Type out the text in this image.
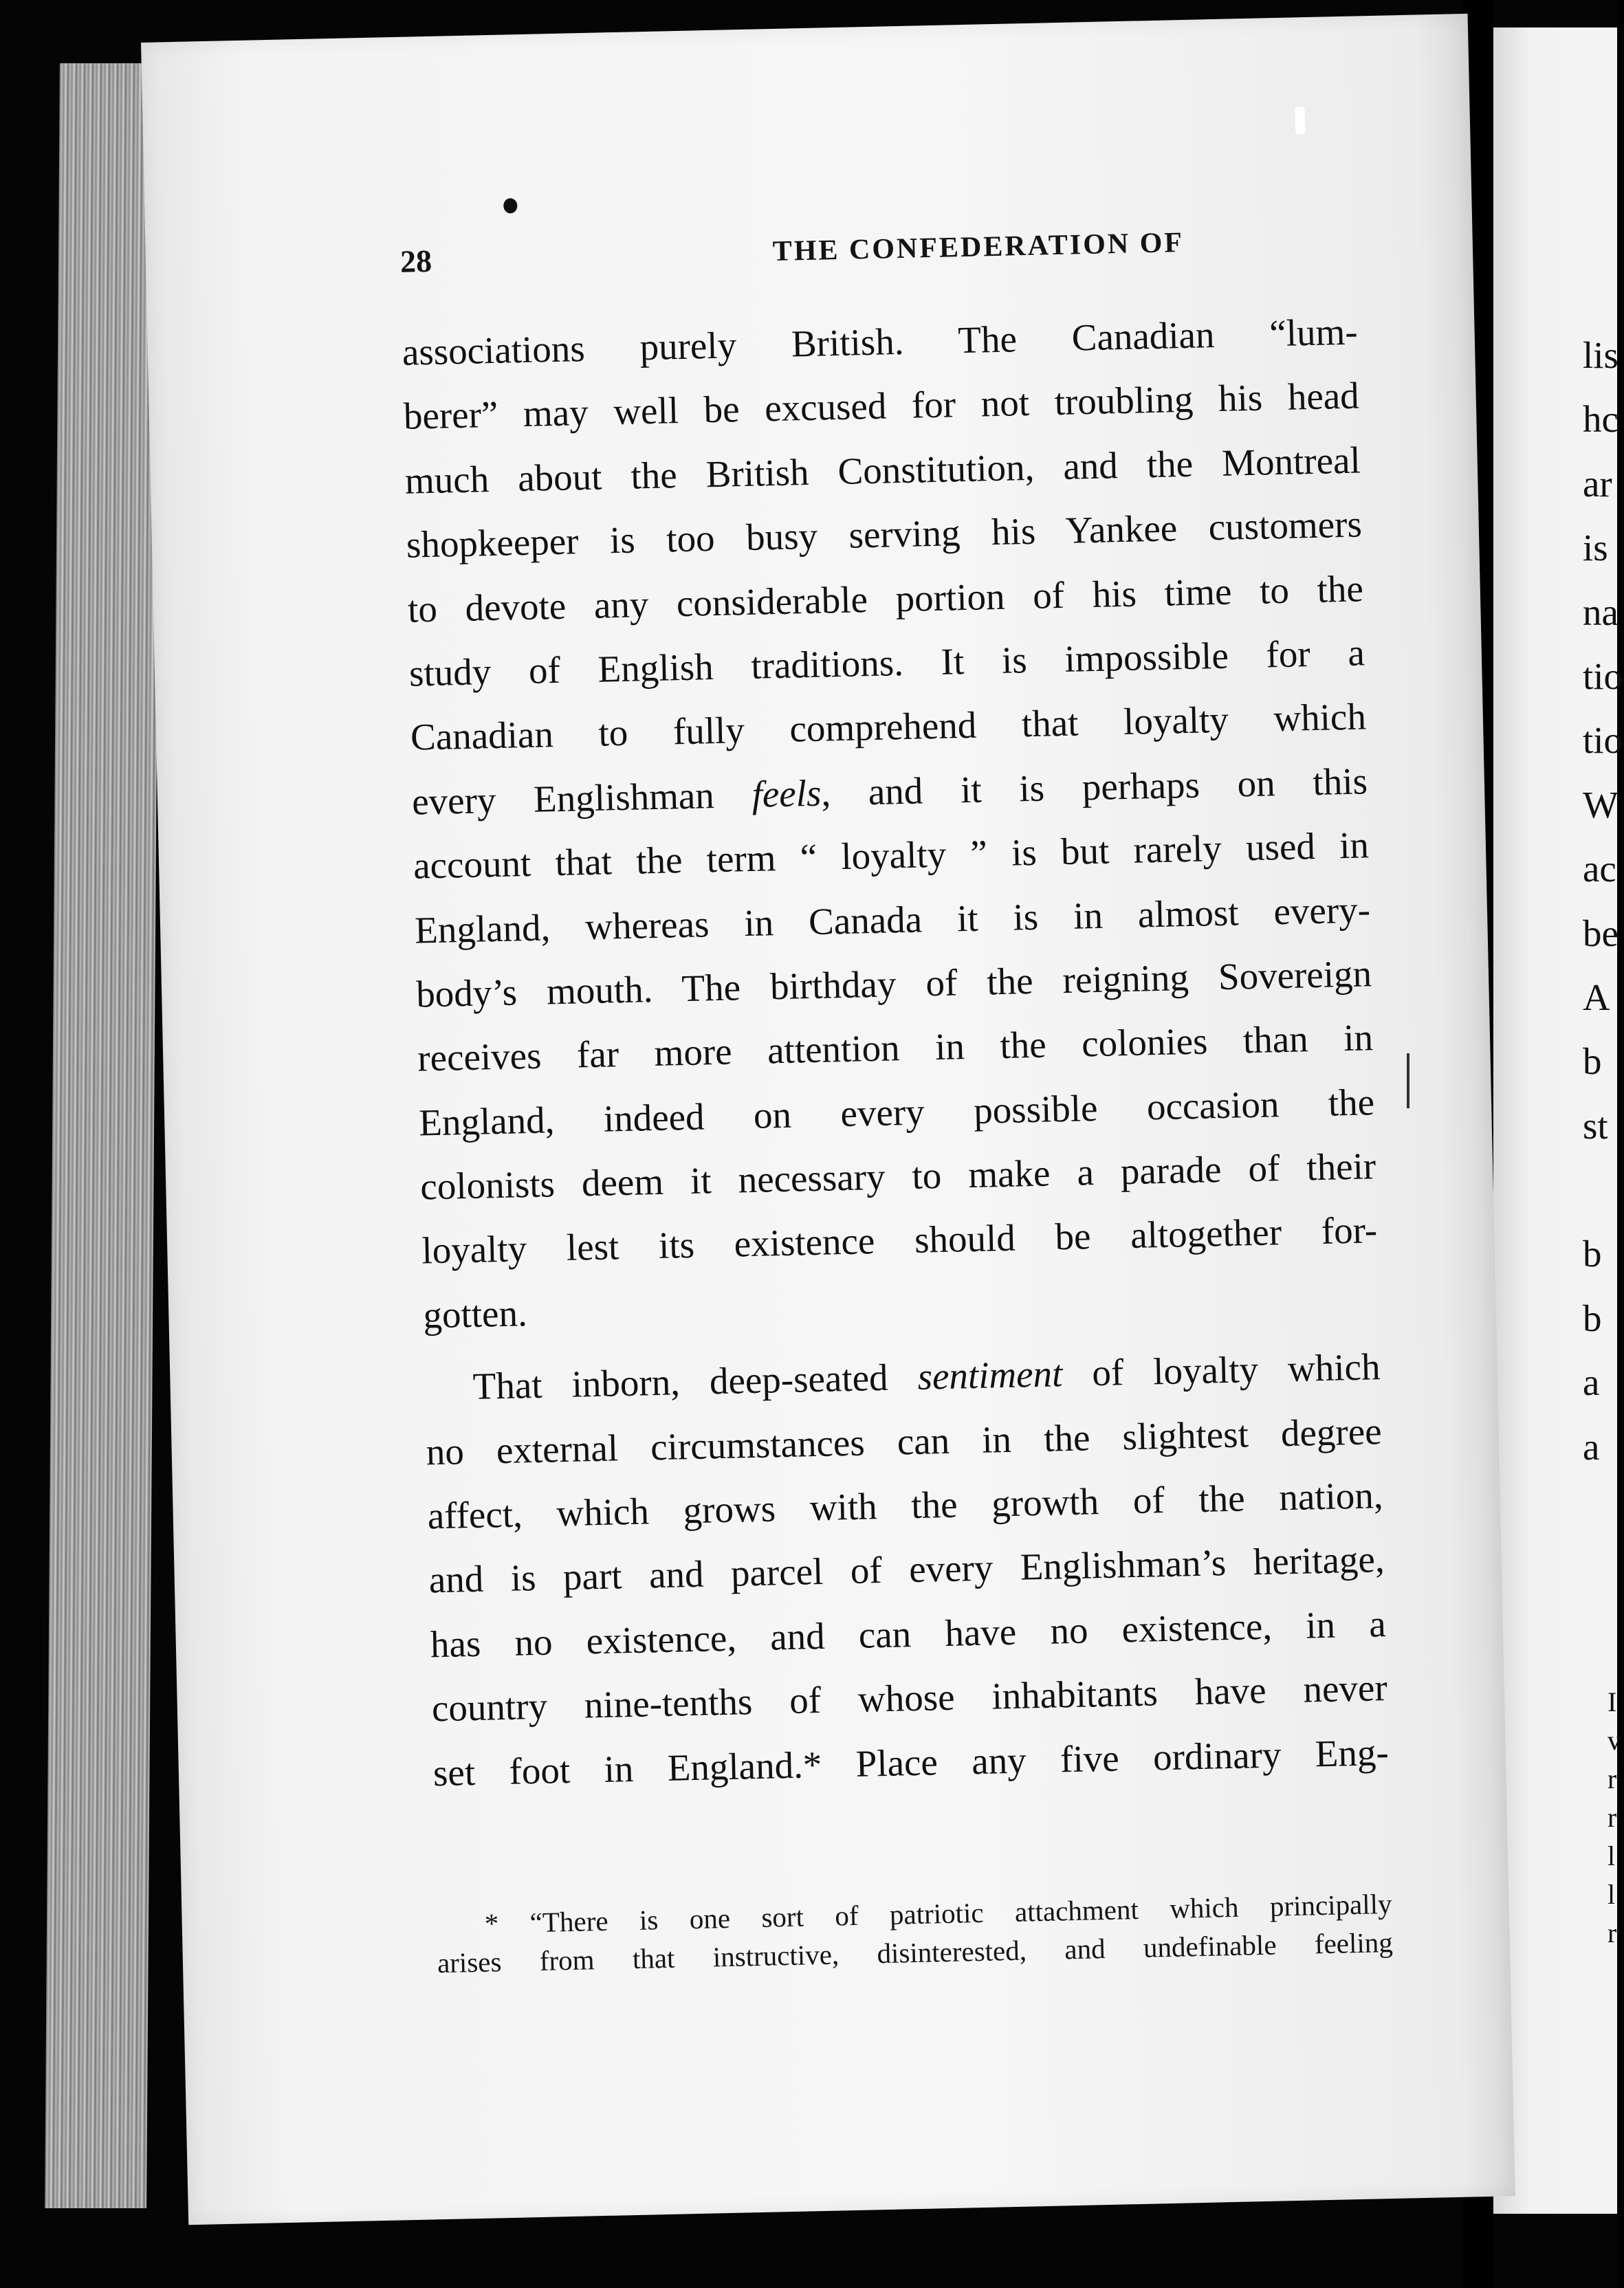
lis
hc
ar
is
na
tio
tio
W
ac
be
A
b
st
b
b
a
a
I
v
r
r
l
l
r
28	THE CONFEDERATION OF
associations purely British. The Canadian “lum-
berer” may well be excused for not troubling his head
much about the British Constitution, and the Montreal
shopkeeper is too busy serving his Yankee customers
to devote any considerable portion of his time to the
study of English traditions. It is impossible for a
Canadian to fully comprehend that loyalty which
every Englishman feels, and it is perhaps on this
account that the term “ loyalty ” is but rarely used in
England, whereas in Canada it is in almost every-
body’s mouth. The birthday of the reigning Sovereign
receives far more attention in the colonies than in
England, indeed on every possible occasion the
colonists deem it necessary to make a parade of their
loyalty lest its existence should be altogether for-
gotten.
That inborn, deep-seated sentiment of loyalty which
no external circumstances can in the slightest degree
affect, which grows with the growth of the nation,
and is part and parcel of every Englishman’s heritage,
has no existence, and can have no existence, in a
country nine-tenths of whose inhabitants have never
set foot in England.* Place any five ordinary Eng-
* “There is one sort of patriotic attachment which principally
arises from that instructive, disinterested, and undefinable feeling
